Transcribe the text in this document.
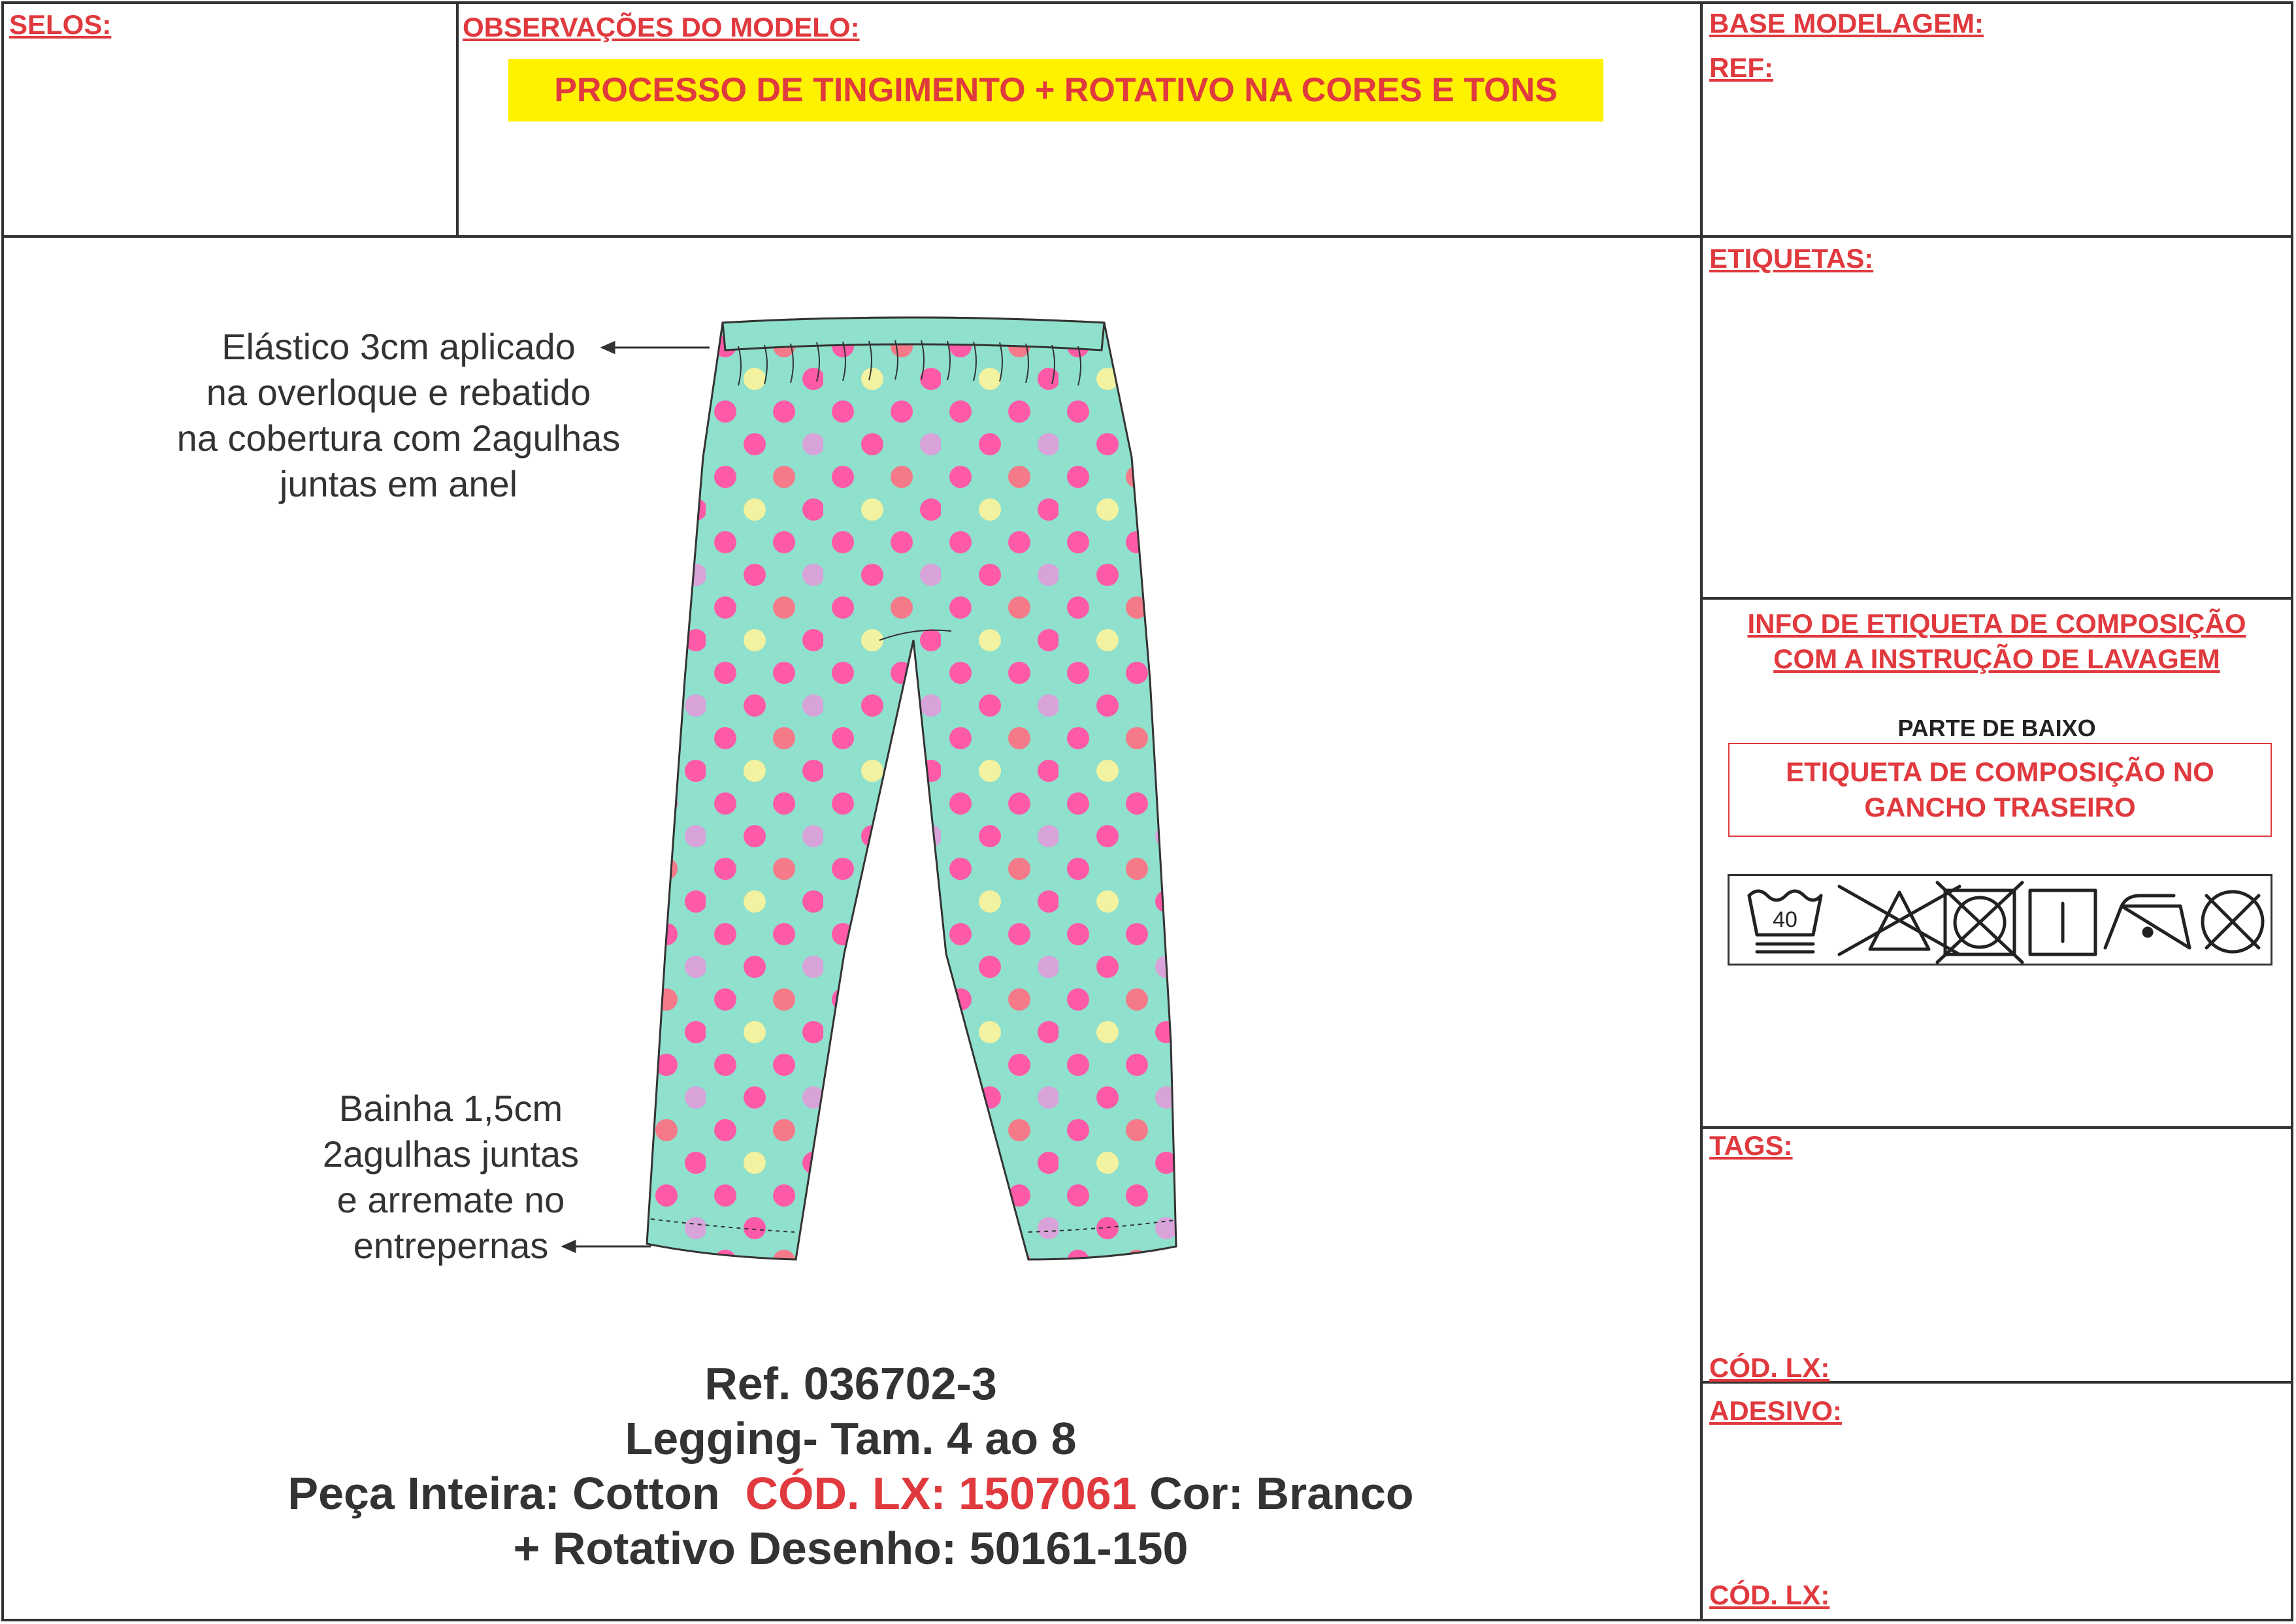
SELOS:	OBSERVAÇÕES DO MODELO:
PROCESSO DE TINGIMENTO + ROTATIVO NA CORES E TONS
BASE MODELAGEM:
REF:
ETIQUETAS:
INFO DE ETIQUETA DE COMPOSIÇÃO
COM A INSTRUÇÃO DE LAVAGEM
PARTE DE BAIXO
ETIQUETA DE COMPOSIÇÃO NO
GANCHO TRASEIRO
40
TAGS:
CÓD. LX:
ADESIVO:
CÓD. LX:
Elástico 3cm aplicado
na overloque e rebatido
na cobertura com 2agulhas
juntas em anel
Bainha 1,5cm
2agulhas juntas
e arremate no
entrepernas
Ref. 036702-3
Legging- Tam. 4 ao 8
Peça Inteira: Cotton CÓD. LX: 1507061 Cor: Branco
+ Rotativo Desenho: 50161-150
